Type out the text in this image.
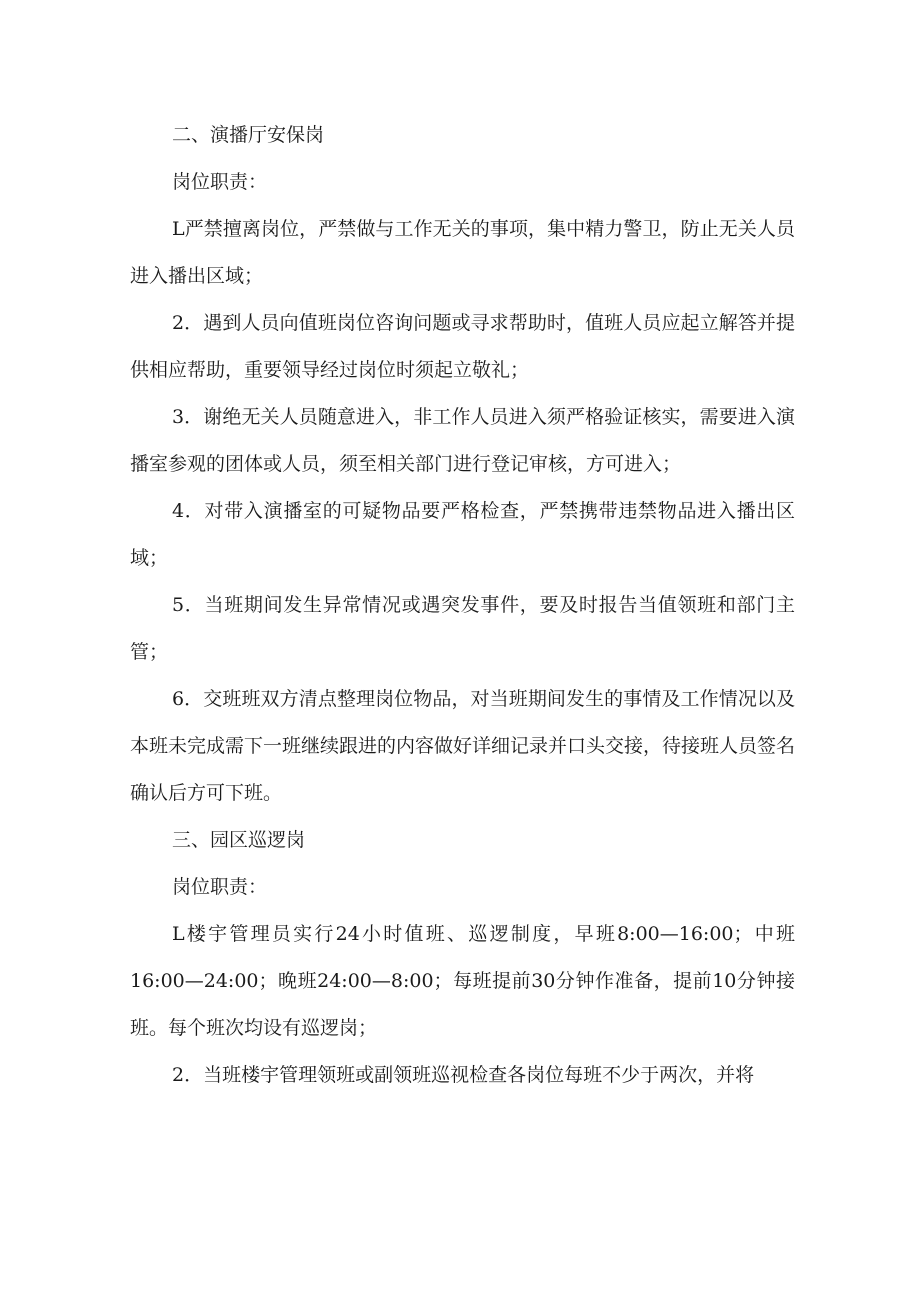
二、演播厅安保岗

岗位职责：

L严禁擅离岗位，严禁做与工作无关的事项，集中精力警卫，防止无关人员进入播出区域；

2．遇到人员向值班岗位咨询问题或寻求帮助时，值班人员应起立解答并提供相应帮助，重要领导经过岗位时须起立敬礼；

3．谢绝无关人员随意进入，非工作人员进入须严格验证核实，需要进入演播室参观的团体或人员，须至相关部门进行登记审核，方可进入；

4．对带入演播室的可疑物品要严格检查，严禁携带违禁物品进入播出区域；

5．当班期间发生异常情况或遇突发事件，要及时报告当值领班和部门主管；

6．交班班双方清点整理岗位物品，对当班期间发生的事情及工作情况以及本班未完成需下一班继续跟进的内容做好详细记录并口头交接，待接班人员签名确认后方可下班。

三、园区巡逻岗

岗位职责：

L楼宇管理员实行24小时值班、巡逻制度，早班8:00—16:00；中班16:00—24:00；晚班24:00—8:00；每班提前30分钟作准备，提前10分钟接班。每个班次均设有巡逻岗；

2．当班楼宇管理领班或副领班巡视检查各岗位每班不少于两次，并将
